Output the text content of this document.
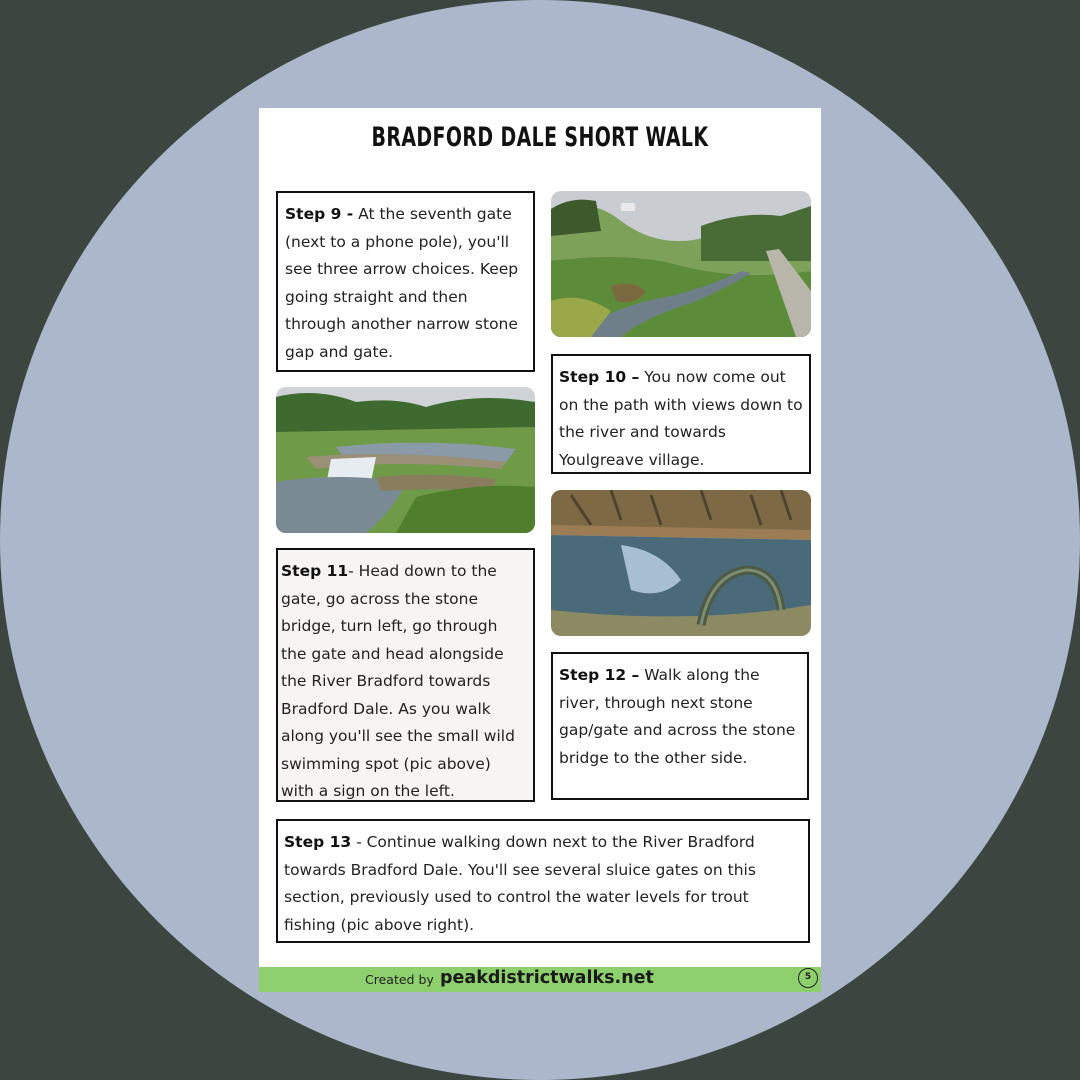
BRADFORD DALE SHORT WALK
Step 9 - At the seventh gate (next to a phone pole), you'll see three arrow choices. Keep going straight and then through another narrow stone gap and gate.
Step 10 – You now come out on the path with views down to the river and towards Youlgreave village.
Step 11- Head down to the gate, go across the stone bridge, turn left, go through the gate and head alongside the River Bradford towards Bradford Dale. As you walk along you'll see the small wild swimming spot (pic above) with a sign on the left.
Step 12 – Walk along the river, through next stone gap/gate and across the stone bridge to the other side.
Step 13 - Continue walking down next to the River Bradford towards Bradford Dale. You'll see several sluice gates on this section, previously used to control the water levels for trout fishing (pic above right).
Created by peakdistrictwalks.net	5
